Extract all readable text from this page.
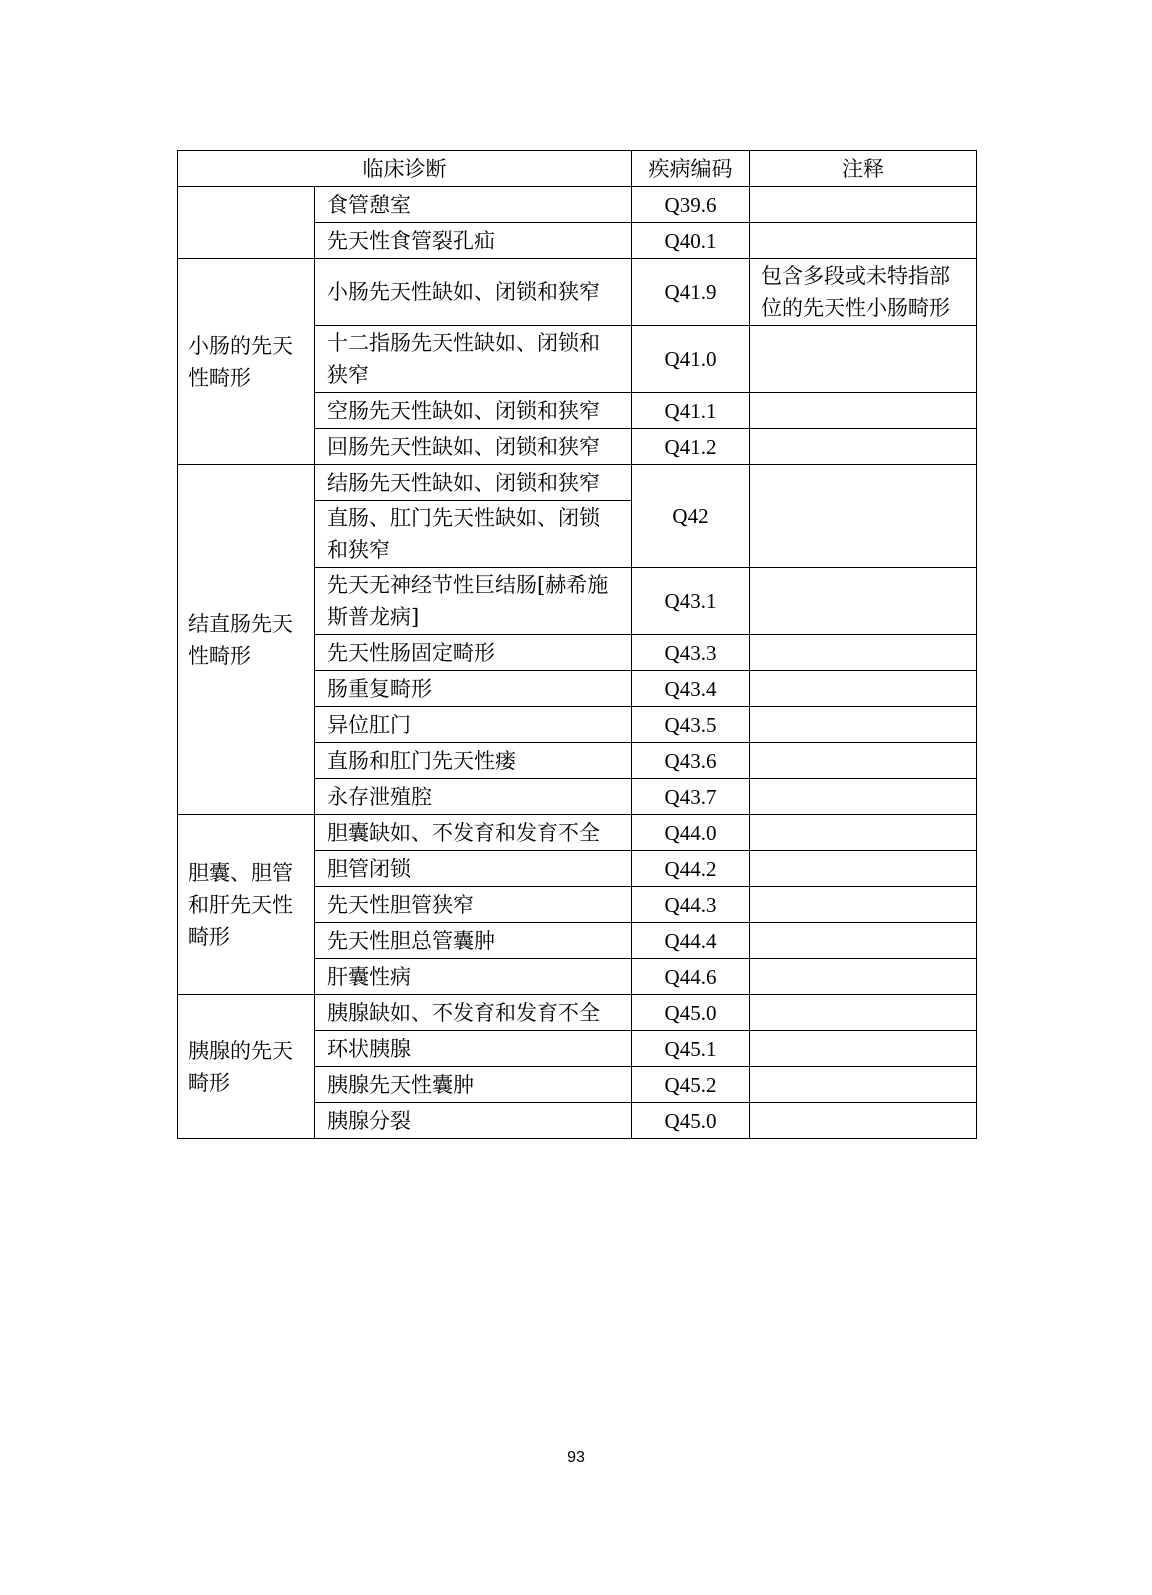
临床诊断		疾病编码	注释
	食管憩室	Q39.6	
	先天性食管裂孔疝	Q40.1	
小肠的先天性畸形	小肠先天性缺如、闭锁和狭窄	Q41.9	包含多段或未特指部位的先天性小肠畸形
	十二指肠先天性缺如、闭锁和狭窄	Q41.0	
	空肠先天性缺如、闭锁和狭窄	Q41.1	
	回肠先天性缺如、闭锁和狭窄	Q41.2	
结直肠先天性畸形	结肠先天性缺如、闭锁和狭窄	Q42	
	直肠、肛门先天性缺如、闭锁和狭窄		
	先天无神经节性巨结肠[赫希施斯普龙病]	Q43.1	
	先天性肠固定畸形	Q43.3	
	肠重复畸形	Q43.4	
	异位肛门	Q43.5	
	直肠和肛门先天性瘘	Q43.6	
	永存泄殖腔	Q43.7	
胆囊、胆管和肝先天性畸形	胆囊缺如、不发育和发育不全	Q44.0	
	胆管闭锁	Q44.2	
	先天性胆管狭窄	Q44.3	
	先天性胆总管囊肿	Q44.4	
	肝囊性病	Q44.6	
胰腺的先天畸形	胰腺缺如、不发育和发育不全	Q45.0	
	环状胰腺	Q45.1	
	胰腺先天性囊肿	Q45.2	
	胰腺分裂	Q45.0	
93
